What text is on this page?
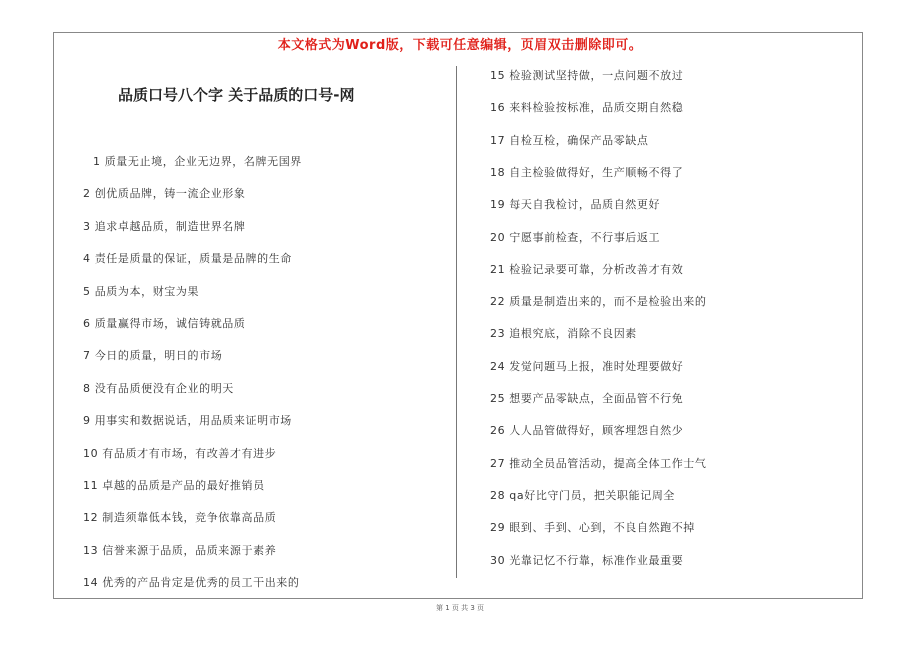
本文格式为Word版，下载可任意编辑，页眉双击删除即可。
品质口号八个字 关于品质的口号-网
1 质量无止境，企业无边界，名牌无国界
2 创优质品牌，铸一流企业形象
3 追求卓越品质，制造世界名牌
4 责任是质量的保证，质量是品牌的生命
5 品质为本，财宝为果
6 质量赢得市场，诚信铸就品质
7 今日的质量，明日的市场
8 没有品质便没有企业的明天
9 用事实和数据说话，用品质来证明市场
10 有品质才有市场，有改善才有进步
11 卓越的品质是产品的最好推销员
12 制造须靠低本钱，竞争依靠高品质
13 信誉来源于品质，品质来源于素养
14 优秀的产品肯定是优秀的员工干出来的
15 检验测试坚持做，一点问题不放过
16 来料检验按标准，品质交期自然稳
17 自检互检，确保产品零缺点
18 自主检验做得好，生产顺畅不得了
19 每天自我检讨，品质自然更好
20 宁愿事前检查，不行事后返工
21 检验记录要可靠，分析改善才有效
22 质量是制造出来的，而不是检验出来的
23 追根究底，消除不良因素
24 发觉问题马上报，准时处理要做好
25 想要产品零缺点，全面品管不行免
26 人人品管做得好，顾客埋怨自然少
27 推动全员品管活动，提高全体工作士气
28 qa好比守门员，把关职能记周全
29 眼到、手到、心到，不良自然跑不掉
30 光靠记忆不行靠，标准作业最重要
第 1 页 共 3 页
